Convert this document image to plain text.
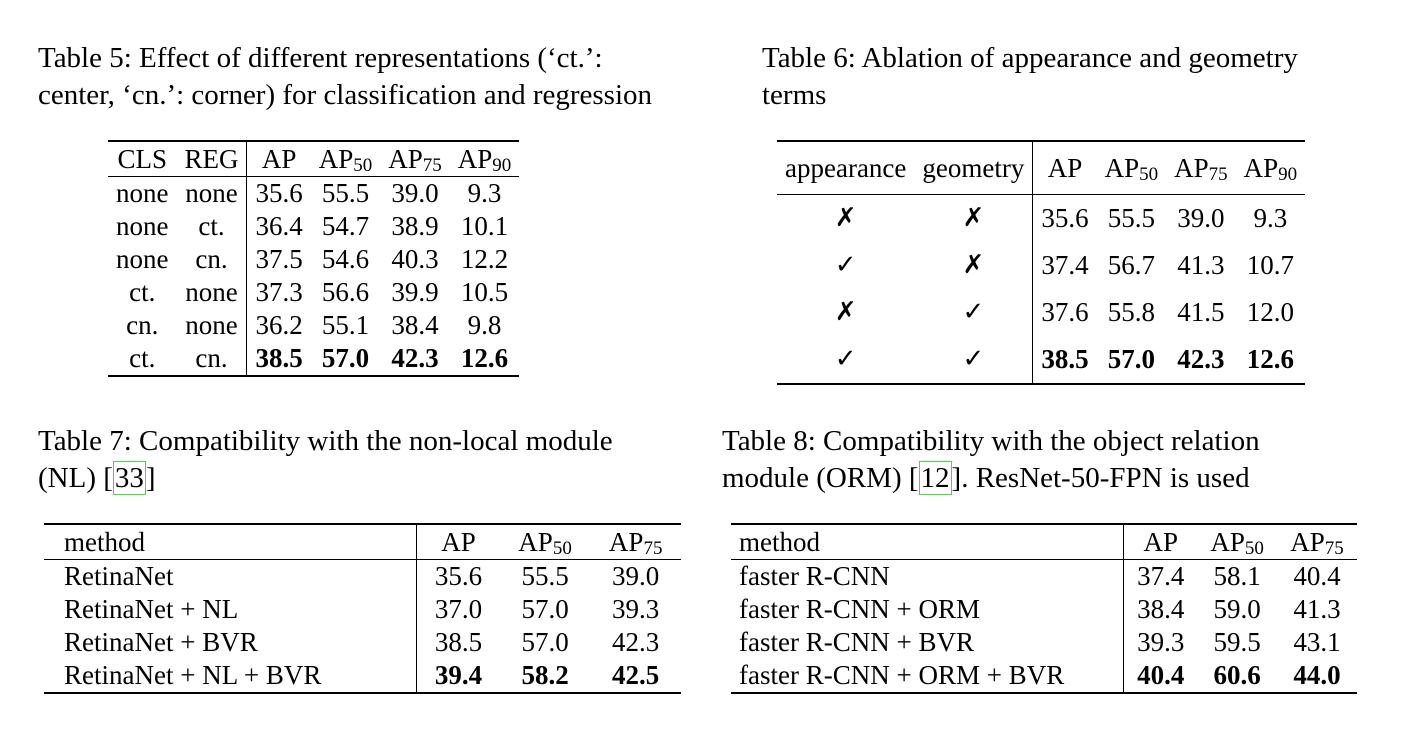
Table 5: Effect of different representations (‘ct.’:
center, ‘cn.’: corner) for classification and regression

Table 6: Ablation of appearance and geometry
terms

CLS	REG	AP	$AP_{50}$	$AP_{75}$	$AP_{90}$
none	none	35.6	55.5	39.0	9.3
none	ct.	36.4	54.7	38.9	10.1
none	cn.	37.5	54.6	40.3	12.2
ct.	none	37.3	56.6	39.9	10.5
cn.	none	36.2	55.1	38.4	9.8
ct.	cn.	38.5	57.0	42.3	12.6
appearance	geometry	AP	$AP_{50}$	$AP_{75}$	$AP_{90}$
✗	✗	35.6	55.5	39.0	9.3
✓	✗	37.4	56.7	41.3	10.7
✗	✓	37.6	55.8	41.5	12.0
✓	✓	38.5	57.0	42.3	12.6

Table 7: Compatibility with the non-local module
(NL) [33]

Table 8: Compatibility with the object relation
module (ORM) [12]. ResNet-50-FPN is used

method	AP	$AP_{50}$	$AP_{75}$
RetinaNet	35.6	55.5	39.0
RetinaNet + NL	37.0	57.0	39.3
RetinaNet + BVR	38.5	57.0	42.3
RetinaNet + NL + BVR	39.4	58.2	42.5
method	AP	$AP_{50}$	$AP_{75}$
faster R-CNN	37.4	58.1	40.4
faster R-CNN + ORM	38.4	59.0	41.3
faster R-CNN + BVR	39.3	59.5	43.1
faster R-CNN + ORM + BVR	40.4	60.6	44.0
